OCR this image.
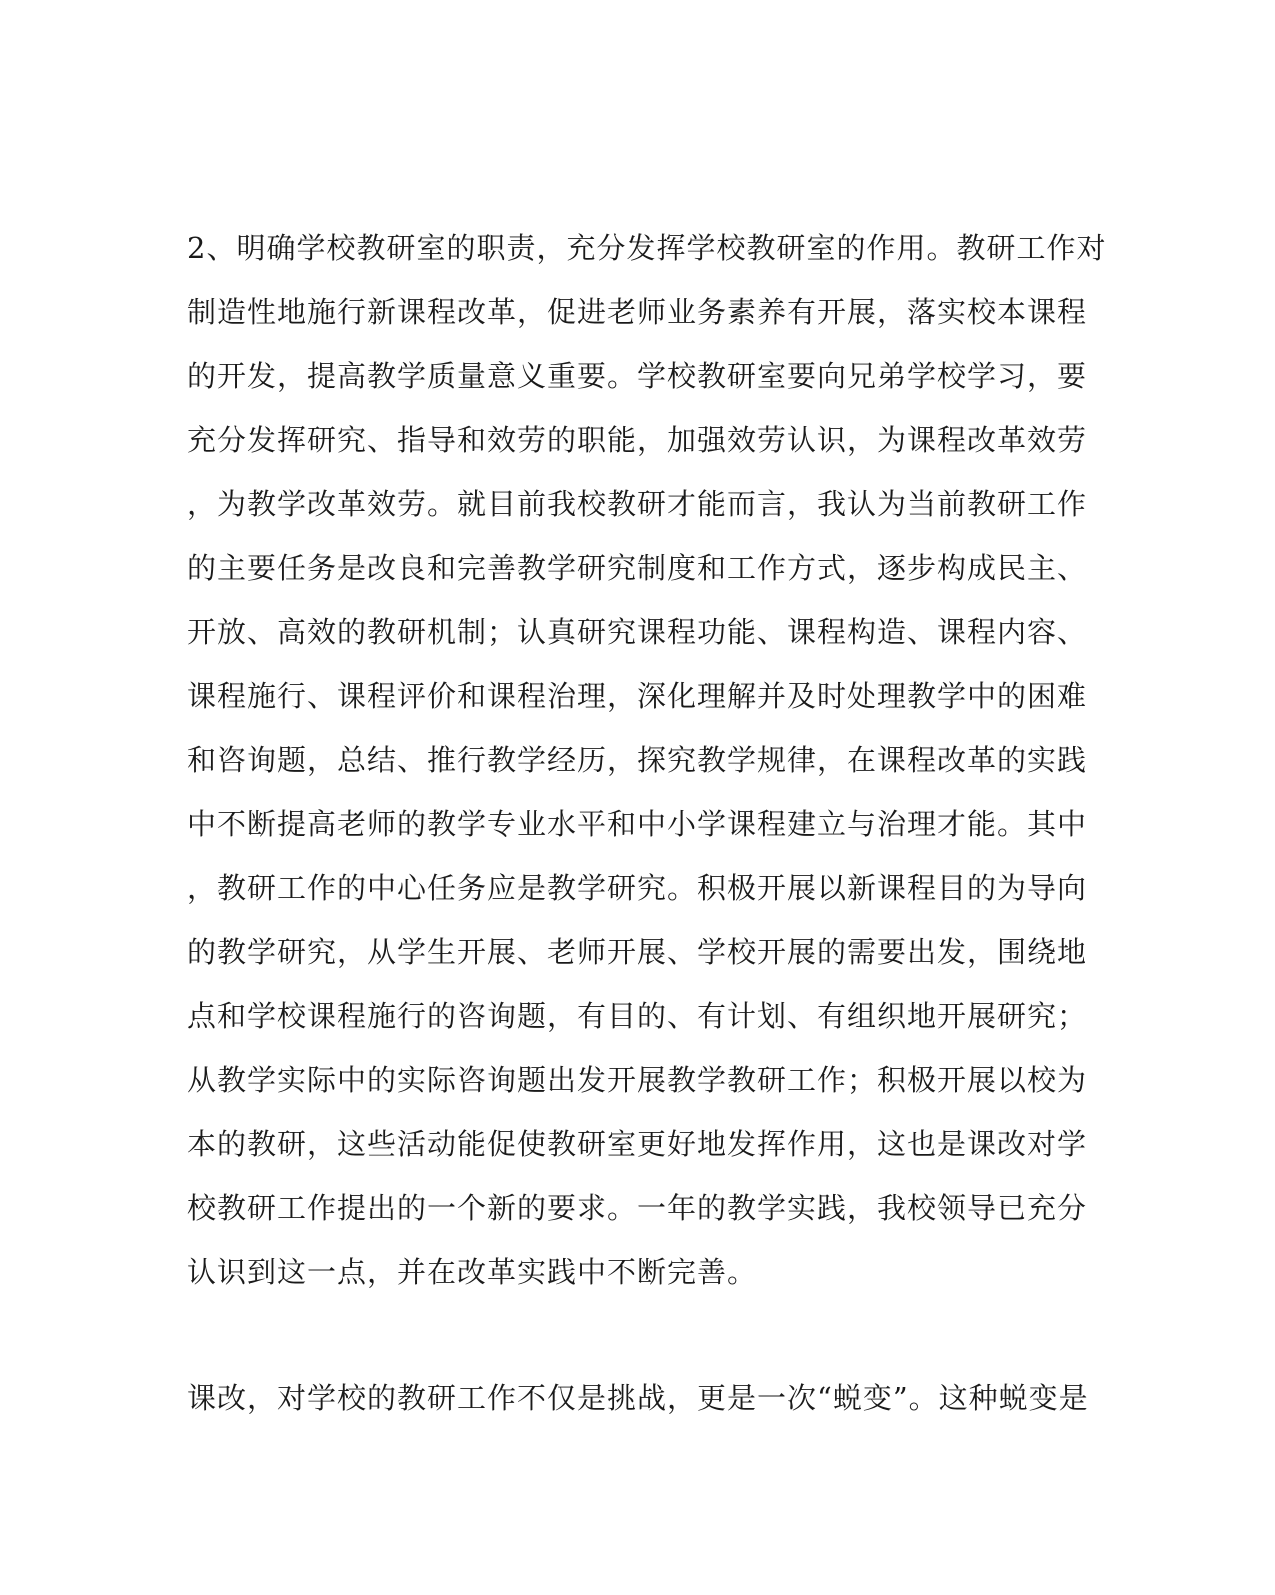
2、明确学校教研室的职责，充分发挥学校教研室的作用。教研工作对
制造性地施行新课程改革，促进老师业务素养有开展，落实校本课程
的开发，提高教学质量意义重要。学校教研室要向兄弟学校学习，要
充分发挥研究、指导和效劳的职能，加强效劳认识，为课程改革效劳
，为教学改革效劳。就目前我校教研才能而言，我认为当前教研工作
的主要任务是改良和完善教学研究制度和工作方式，逐步构成民主、
开放、高效的教研机制；认真研究课程功能、课程构造、课程内容、
课程施行、课程评价和课程治理，深化理解并及时处理教学中的困难
和咨询题，总结、推行教学经历，探究教学规律，在课程改革的实践
中不断提高老师的教学专业水平和中小学课程建立与治理才能。其中
，教研工作的中心任务应是教学研究。积极开展以新课程目的为导向
的教学研究，从学生开展、老师开展、学校开展的需要出发，围绕地
点和学校课程施行的咨询题，有目的、有计划、有组织地开展研究；
从教学实际中的实际咨询题出发开展教学教研工作；积极开展以校为
本的教研，这些活动能促使教研室更好地发挥作用，这也是课改对学
校教研工作提出的一个新的要求。一年的教学实践，我校领导已充分
认识到这一点，并在改革实践中不断完善。
课改，对学校的教研工作不仅是挑战，更是一次“蜕变”。这种蜕变是
